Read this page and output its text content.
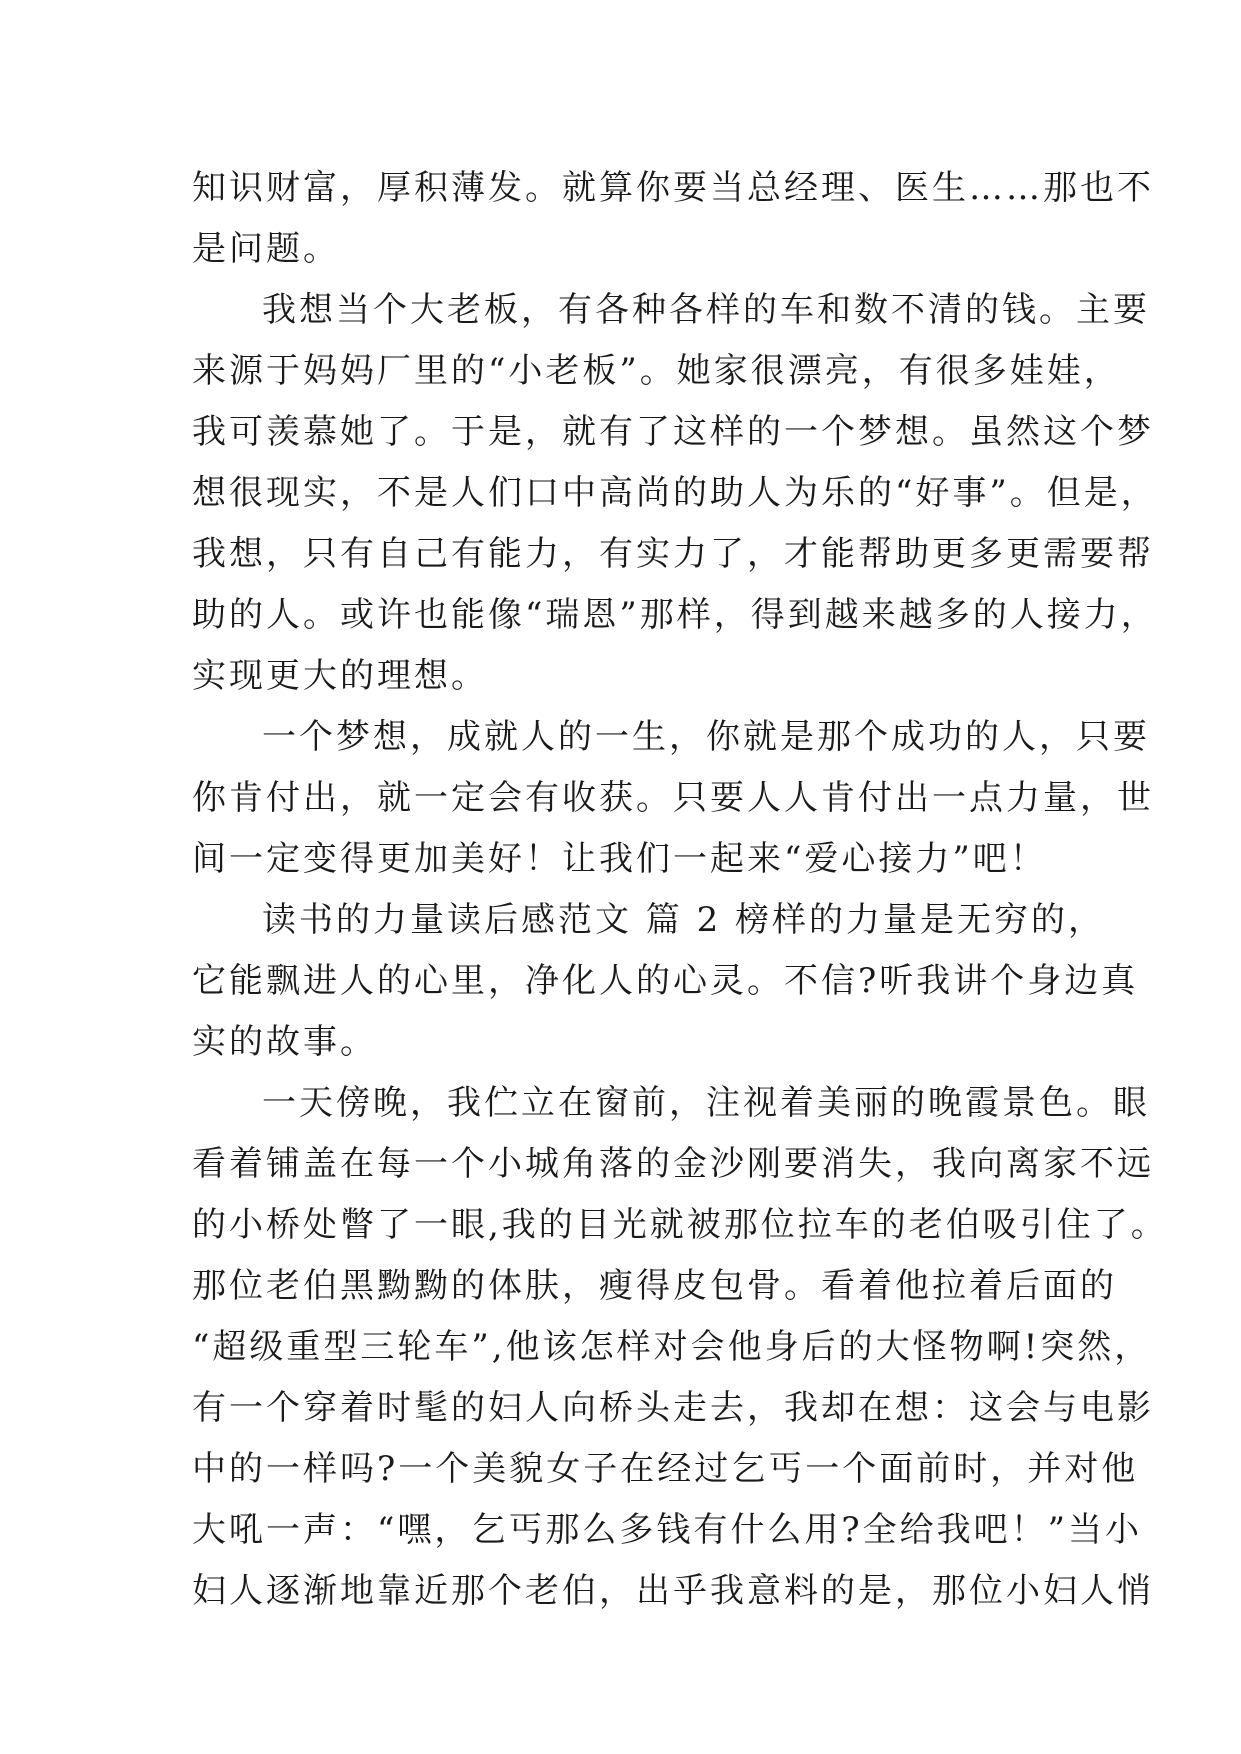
知识财富，厚积薄发。就算你要当总经理、医生……那也不
是问题。
我想当个大老板，有各种各样的车和数不清的钱。主要
来源于妈妈厂里的“小老板”。她家很漂亮，有很多娃娃，
我可羡慕她了。于是，就有了这样的一个梦想。虽然这个梦
想很现实，不是人们口中高尚的助人为乐的“好事”。但是，
我想，只有自己有能力，有实力了，才能帮助更多更需要帮
助的人。或许也能像“瑞恩”那样，得到越来越多的人接力，
实现更大的理想。
一个梦想，成就人的一生，你就是那个成功的人，只要
你肯付出，就一定会有收获。只要人人肯付出一点力量，世
间一定变得更加美好！让我们一起来“爱心接力”吧！
读书的力量读后感范文 篇 2 榜样的力量是无穷的，
它能飘进人的心里，净化人的心灵。不信?听我讲个身边真
实的故事。
一天傍晚，我伫立在窗前，注视着美丽的晚霞景色。眼
看着铺盖在每一个小城角落的金沙刚要消失，我向离家不远
的小桥处瞥了一眼,我的目光就被那位拉车的老伯吸引住了。
那位老伯黑黝黝的体肤，瘦得皮包骨。看着他拉着后面的
“超级重型三轮车”,他该怎样对会他身后的大怪物啊!突然，
有一个穿着时髦的妇人向桥头走去，我却在想：这会与电影
中的一样吗?一个美貌女子在经过乞丐一个面前时，并对他
大吼一声：“嘿，乞丐那么多钱有什么用?全给我吧！”当小
妇人逐渐地靠近那个老伯，出乎我意料的是，那位小妇人悄
